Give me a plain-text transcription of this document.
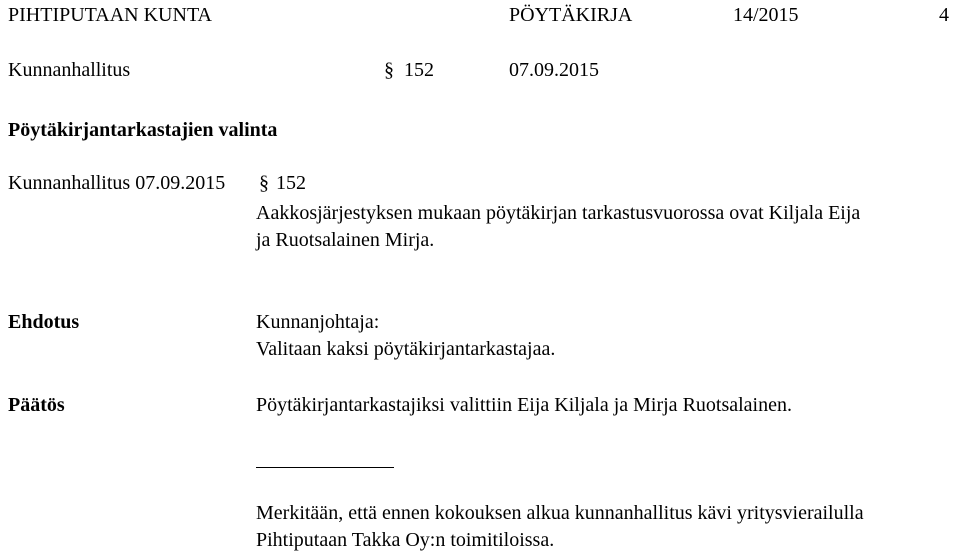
PIHTIPUTAAN KUNTA	PÖYTÄKIRJA	14/2015	4
Kunnanhallitus	§ 152	07.09.2015
Pöytäkirjantarkastajien valinta
Kunnanhallitus 07.09.2015 § 152
Aakkosjärjestyksen mukaan pöytäkirjan tarkastusvuorossa ovat Kiljala Eija
ja Ruotsalainen Mirja.
Ehdotus	Kunnanjohtaja:
Valitaan kaksi pöytäkirjantarkastajaa.
Päätös	Pöytäkirjantarkastajiksi valittiin Eija Kiljala ja Mirja Ruotsalainen.
Merkitään, että ennen kokouksen alkua kunnanhallitus kävi yritysvierailulla
Pihtiputaan Takka Oy:n toimitiloissa.
